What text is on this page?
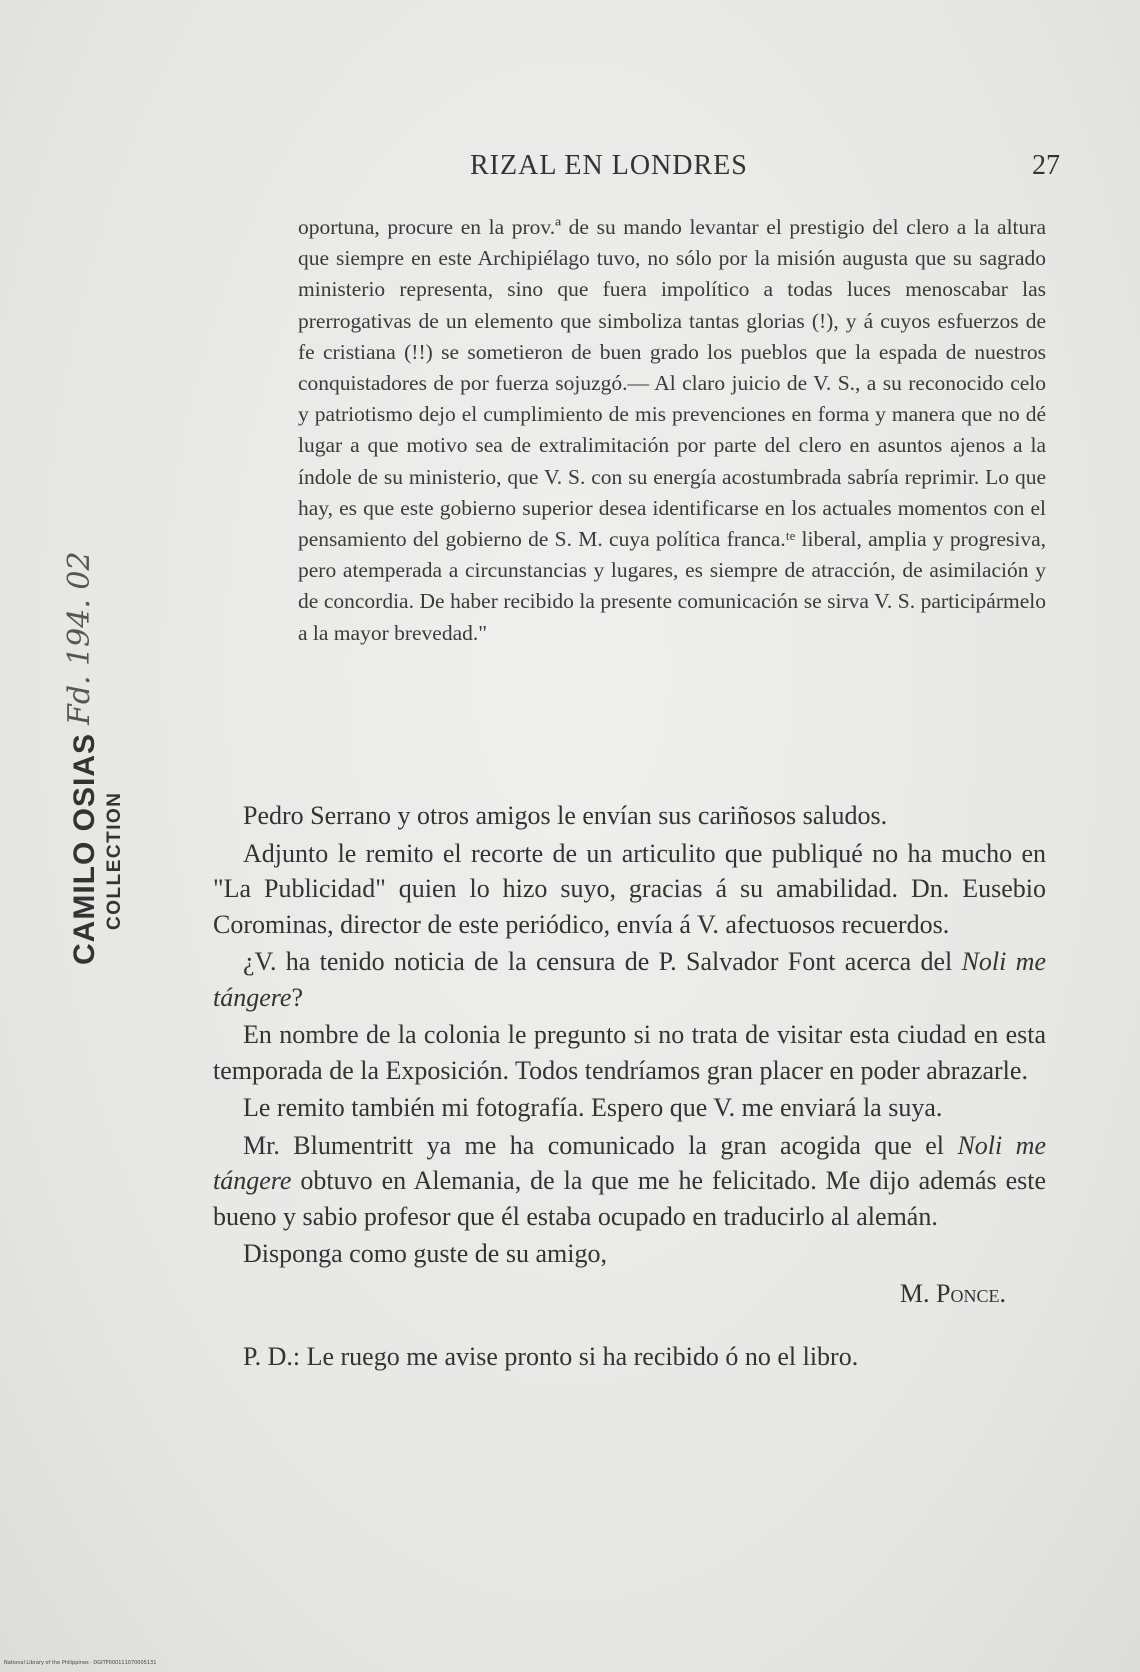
RIZAL EN LONDRES	27

oportuna, procure en la prov.ª de su mando levantar el prestigio del clero a la altura que siempre en este Archipiélago tuvo, no sólo por la misión augusta que su sagrado ministerio representa, sino que fuera impolítico a todas luces menoscabar las prerrogativas de un elemento que simboliza tantas glorias (!), y á cuyos esfuerzos de fe cristiana (!!) se sometieron de buen grado los pueblos que la espada de nuestros conquistadores de por fuerza sojuzgó.— Al claro juicio de V. S., a su reconocido celo y patriotismo dejo el cumplimiento de mis prevenciones en forma y manera que no dé lugar a que motivo sea de extralimitación por parte del clero en asuntos ajenos a la índole de su ministerio, que V. S. con su energía acostumbrada sabría reprimir. Lo que hay, es que este gobierno superior desea identificarse en los actuales momentos con el pensamiento del gobierno de S. M. cuya política franca.ᵗᵉ liberal, amplia y progresiva, pero atemperada a circunstancias y lugares, es siempre de atracción, de asimilación y de concordia. De haber recibido la presente comunicación se sirva V. S. participármelo a la mayor brevedad."

Pedro Serrano y otros amigos le envían sus cariñosos saludos.

Adjunto le remito el recorte de un articulito que publiqué no ha mucho en "La Publicidad" quien lo hizo suyo, gracias á su amabilidad. Dn. Eusebio Corominas, director de este periódico, envía á V. afectuosos recuerdos.

¿V. ha tenido noticia de la censura de P. Salvador Font acerca del Noli me tángere?

En nombre de la colonia le pregunto si no trata de visitar esta ciudad en esta temporada de la Exposición. Todos tendríamos gran placer en poder abrazarle.

Le remito también mi fotografía. Espero que V. me enviará la suya.

Mr. Blumentritt ya me ha comunicado la gran acogida que el Noli me tángere obtuvo en Alemania, de la que me he felicitado. Me dijo además este bueno y sabio profesor que él estaba ocupado en traducirlo al alemán.

Disponga como guste de su amigo,

M. Ponce.

P. D.: Le ruego me avise pronto si ha recibido ó no el libro.

Fd. 194. 02
CAMILO OSIAS COLLECTION
National Library of the Philippines · DGITP000111070005131
